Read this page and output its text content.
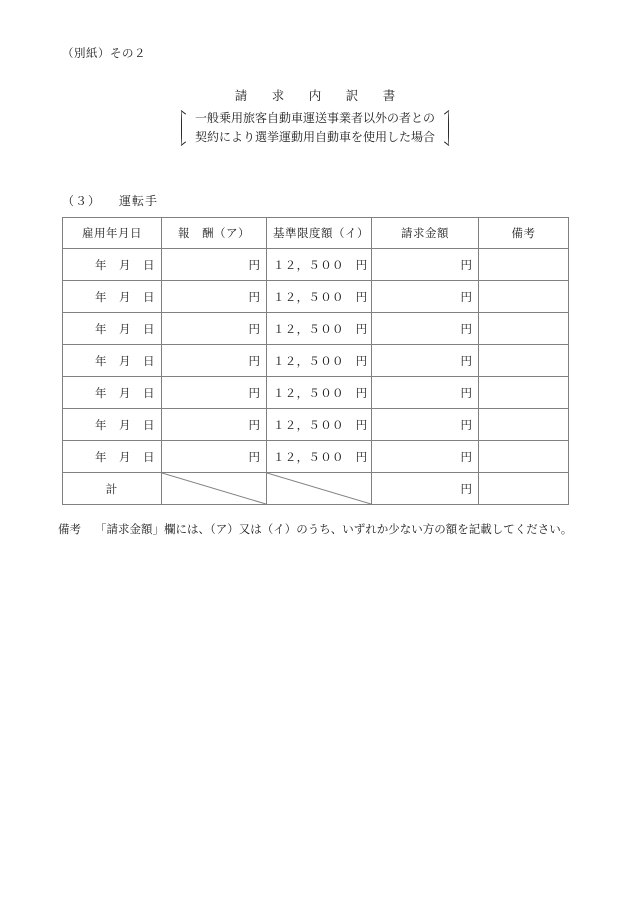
（別紙）その２
請　求　内　訳　書
一般乗用旅客自動車運送事業者以外の者との
契約により選挙運動用自動車を使用した場合
（３） 運転手
雇用年月日	報　酬（ア）	基準限度額（イ）	請求金額	備考
年　月　日	円	１２，５００　円	円	
年　月　日	円	１２，５００　円	円	
年　月　日	円	１２，５００　円	円	
年　月　日	円	１２，５００　円	円	
年　月　日	円	１２，５００　円	円	
年　月　日	円	１２，５００　円	円	
年　月　日	円	１２，５００　円	円	
計			円	
備考 「請求金額」欄には、（ア）又は（イ）のうち、いずれか少ない方の額を記載してください。
